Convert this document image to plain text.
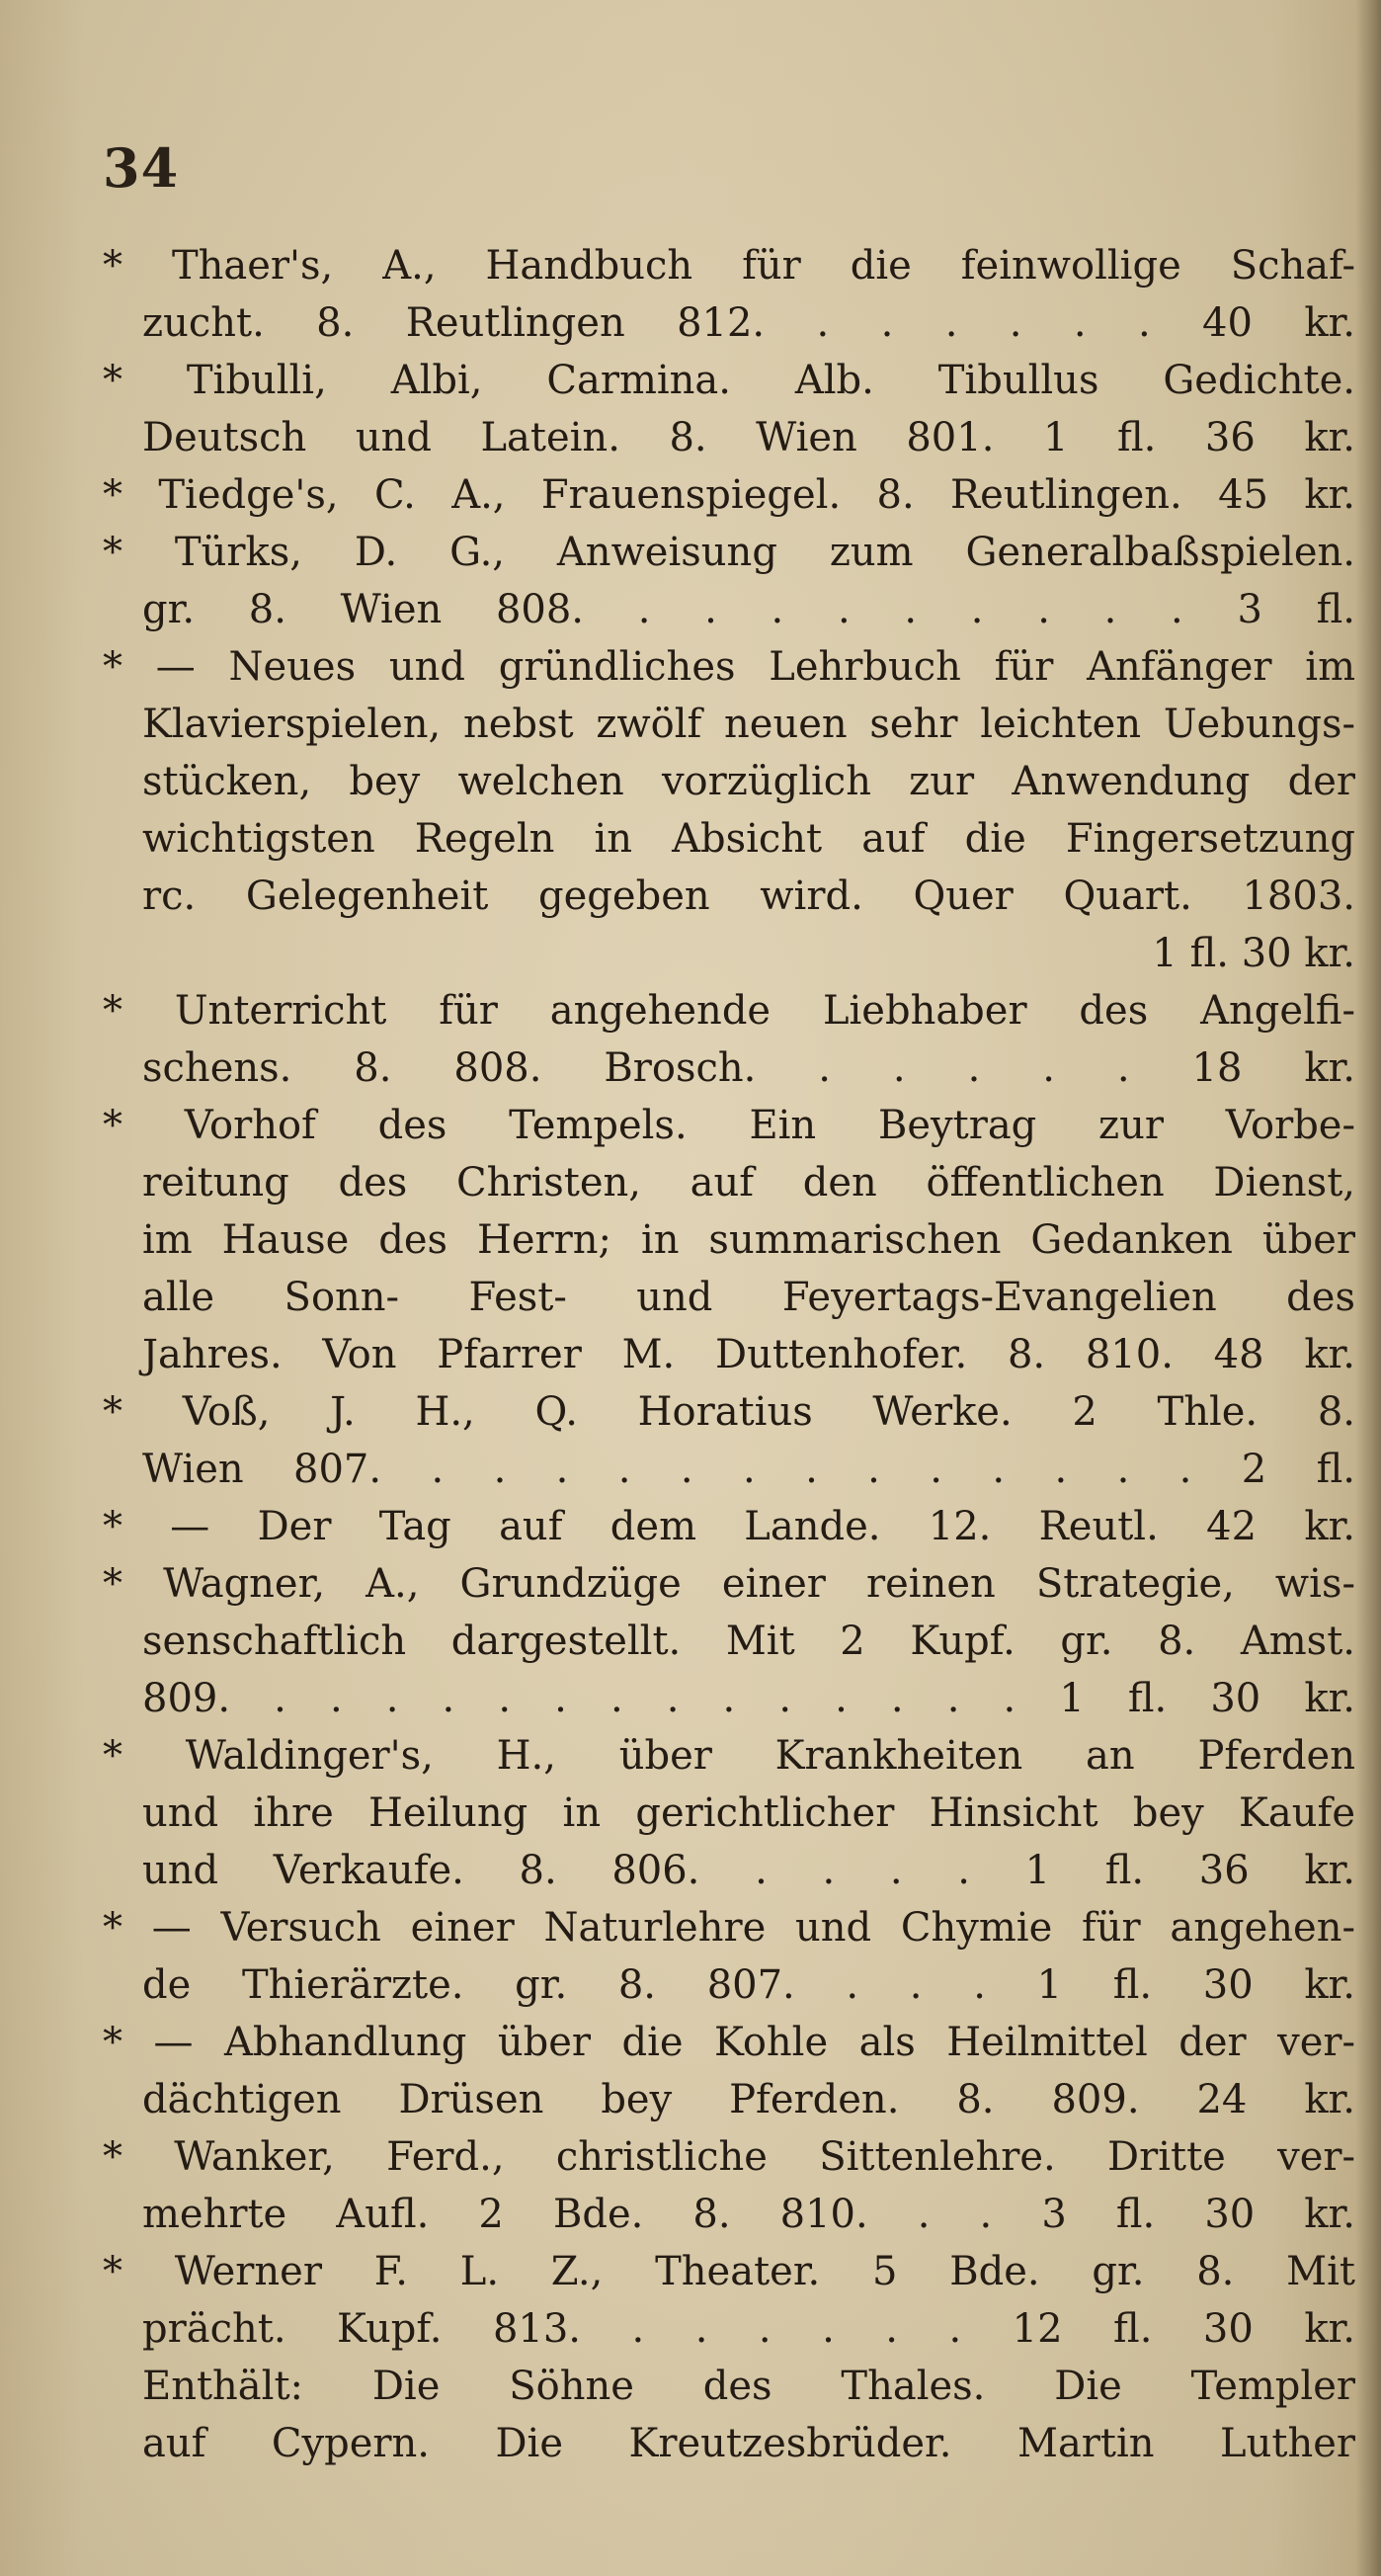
34
* Thaer's, A., Handbuch für die feinwollige Schaf-
zucht. 8. Reutlingen 812. . . . . . . 40 kr.
* Tibulli, Albi, Carmina. Alb. Tibullus Gedichte.
Deutsch und Latein. 8. Wien 801. 1 fl. 36 kr.
* Tiedge's, C. A., Frauenspiegel. 8. Reutlingen. 45 kr.
* Türks, D. G., Anweisung zum Generalbaßspielen.
gr. 8. Wien 808. . . . . . . . . . 3 fl.
* — Neues und gründliches Lehrbuch für Anfänger im
Klavierspielen, nebst zwölf neuen sehr leichten Uebungs-
stücken, bey welchen vorzüglich zur Anwendung der
wichtigsten Regeln in Absicht auf die Fingersetzung
rc. Gelegenheit gegeben wird. Quer Quart. 1803.
1 fl. 30 kr.
* Unterricht für angehende Liebhaber des Angelfi-
schens. 8. 808. Brosch. . . . . . 18 kr.
* Vorhof des Tempels. Ein Beytrag zur Vorbe-
reitung des Christen, auf den öffentlichen Dienst,
im Hause des Herrn; in summarischen Gedanken über
alle Sonn- Fest- und Feyertags-Evangelien des
Jahres. Von Pfarrer M. Duttenhofer. 8. 810. 48 kr.
* Voß, J. H., Q. Horatius Werke. 2 Thle. 8.
Wien 807. . . . . . . . . . . . . . 2 fl.
* — Der Tag auf dem Lande. 12. Reutl. 42 kr.
* Wagner, A., Grundzüge einer reinen Strategie, wis-
senschaftlich dargestellt. Mit 2 Kupf. gr. 8. Amst.
809. . . . . . . . . . . . . . . 1 fl. 30 kr.
* Waldinger's, H., über Krankheiten an Pferden
und ihre Heilung in gerichtlicher Hinsicht bey Kaufe
und Verkaufe. 8. 806. . . . . 1 fl. 36 kr.
* — Versuch einer Naturlehre und Chymie für angehen-
de Thierärzte. gr. 8. 807. . . . 1 fl. 30 kr.
* — Abhandlung über die Kohle als Heilmittel der ver-
dächtigen Drüsen bey Pferden. 8. 809. 24 kr.
* Wanker, Ferd., christliche Sittenlehre. Dritte ver-
mehrte Aufl. 2 Bde. 8. 810. . . 3 fl. 30 kr.
* Werner F. L. Z., Theater. 5 Bde. gr. 8. Mit
prächt. Kupf. 813. . . . . . . 12 fl. 30 kr.
Enthält: Die Söhne des Thales. Die Templer
auf Cypern. Die Kreutzesbrüder. Martin Luther
